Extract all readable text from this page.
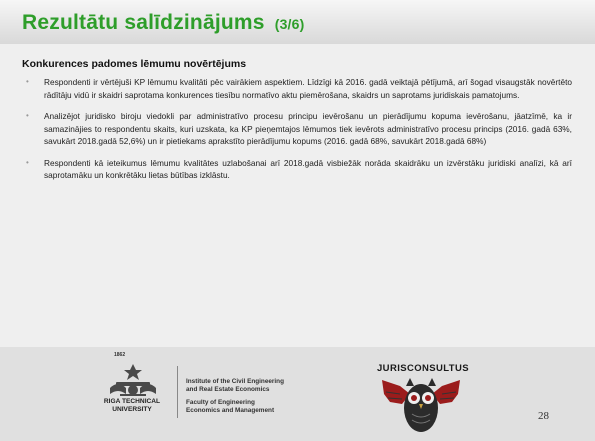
Rezultātu salīdzinājums (3/6)
Konkurences padomes lēmumu novērtējums
• Respondenti ir vērtējuši KP lēmumu kvalitāti pēc vairākiem aspektiem. Līdzīgi kā 2016. gadā veiktajā pētījumā, arī šogad visaugstāk novērtēto rādītāju vidū ir skaidri saprotama konkurences tiesību normatīvo aktu piemērošana, skaidrs un saprotams juridiskais pamatojums.
• Analizējot juridisko biroju viedokli par administratīvo procesu principu ievērošanu un pierādījumu kopuma ievērošanu, jāatzīmē, ka ir samazinājies to respondentu skaits, kuri uzskata, ka KP pieņemtajos lēmumos tiek ievērots administratīvo procesu princips (2016. gadā 63%, savukārt 2018.gadā 52,6%) un ir pietiekams aprakstīto pierādījumu kopums (2016. gadā 68%, savukārt 2018.gadā 68%)
• Respondenti kā ieteikumus lēmumu kvalitātes uzlabošanai arī 2018.gadā visbiežāk norāda skaidrāku un izvērstāku juridiski analīzi, kā arī saprotamāku un konkrētāku lietas būtības izklāstu.
1862
RIGA TECHNICAL
UNIVERSITY
Institute of the Civil Engineering
and Real Estate Economics
Faculty of Engineering
Economics and Management
JURISCONSULTUS
28
